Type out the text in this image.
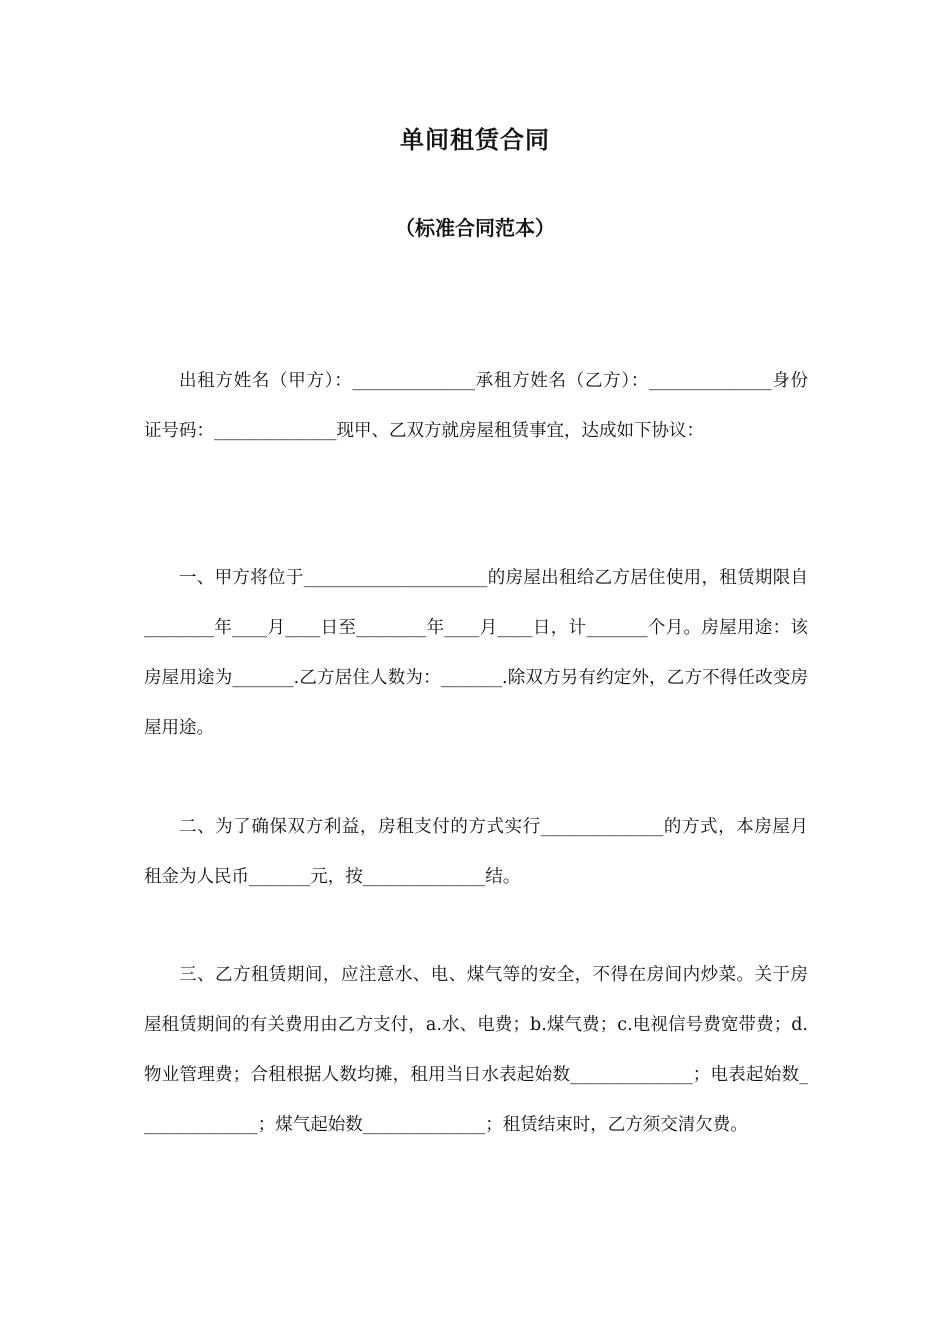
单间租赁合同
（标准合同范本）

出租方姓名（甲方）：______________承租方姓名（乙方）：______________身份证号码：______________现甲、乙双方就房屋租赁事宜，达成如下协议：

一、甲方将位于_____________________的房屋出租给乙方居住使用，租赁期限自________年____月____日至________年____月____日，计_______个月。房屋用途：该房屋用途为_______.乙方居住人数为：_______.除双方另有约定外，乙方不得任改变房屋用途。

二、为了确保双方利益，房租支付的方式实行______________的方式，本房屋月租金为人民币_______元，按______________结。

三、乙方租赁期间，应注意水、电、煤气等的安全，不得在房间内炒菜。关于房屋租赁期间的有关费用由乙方支付，a.水、电费；b.煤气费；c.电视信号费宽带费；d.物业管理费；合租根据人数均摊，租用当日水表起始数______________；电表起始数______________；煤气起始数______________；租赁结束时，乙方须交清欠费。
